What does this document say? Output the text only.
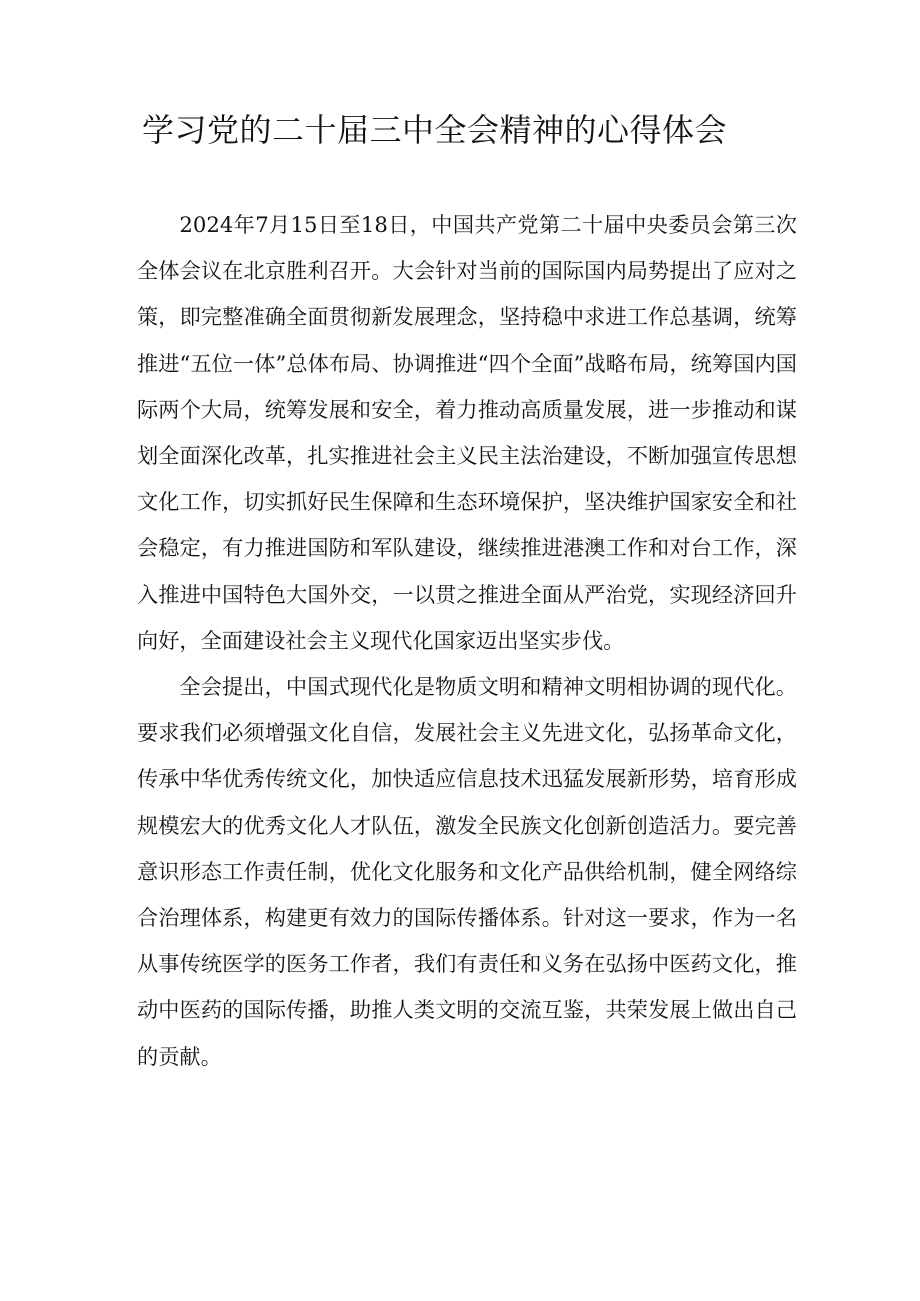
学习党的二十届三中全会精神的心得体会

2024年7月15日至18日，中国共产党第二十届中央委员会第三次全体会议在北京胜利召开。大会针对当前的国际国内局势提出了应对之策，即完整准确全面贯彻新发展理念，坚持稳中求进工作总基调，统筹推进“五位一体”总体布局、协调推进“四个全面”战略布局，统筹国内国际两个大局，统筹发展和安全，着力推动高质量发展，进一步推动和谋划全面深化改革，扎实推进社会主义民主法治建设，不断加强宣传思想文化工作，切实抓好民生保障和生态环境保护，坚决维护国家安全和社会稳定，有力推进国防和军队建设，继续推进港澳工作和对台工作，深入推进中国特色大国外交，一以贯之推进全面从严治党，实现经济回升向好，全面建设社会主义现代化国家迈出坚实步伐。

全会提出，中国式现代化是物质文明和精神文明相协调的现代化。要求我们必须增强文化自信，发展社会主义先进文化，弘扬革命文化，传承中华优秀传统文化，加快适应信息技术迅猛发展新形势，培育形成规模宏大的优秀文化人才队伍，激发全民族文化创新创造活力。要完善意识形态工作责任制，优化文化服务和文化产品供给机制，健全网络综合治理体系，构建更有效力的国际传播体系。针对这一要求，作为一名从事传统医学的医务工作者，我们有责任和义务在弘扬中医药文化，推动中医药的国际传播，助推人类文明的交流互鉴，共荣发展上做出自己的贡献。
